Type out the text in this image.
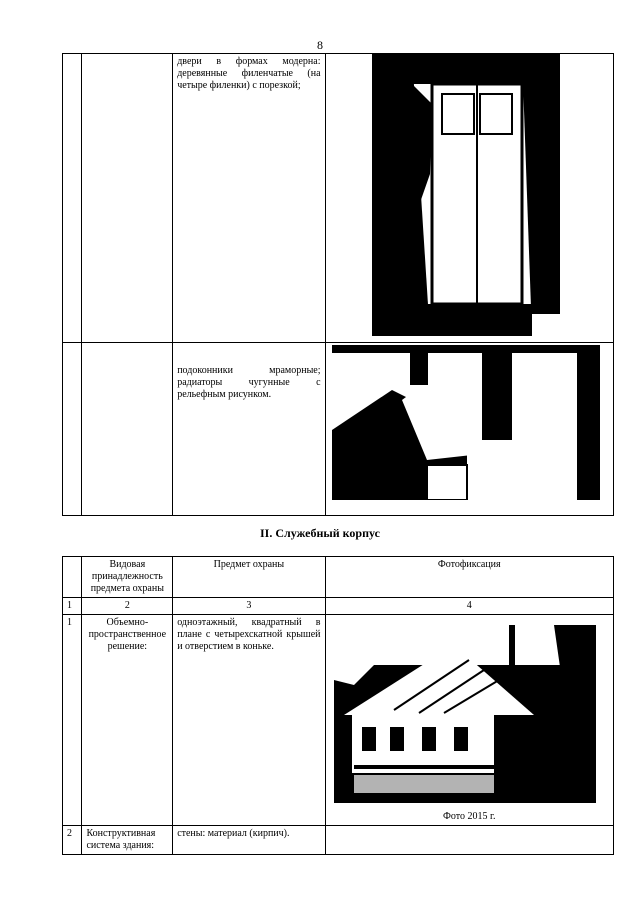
8
		двери в формах модерна: деревянные филенчатые (на четыре филенки) с порезкой;	

		подоконники мраморные; радиаторы чугунные с рельефным рисунком.	
II. Служебный корпус
	Видовая принадлежность предмета охраны	Предмет охраны	Фотофиксация
1	2	3	4
1	Объемно-пространственное решение:	одноэтажный, квадратный в плане с четырехскатной крышей и отверстием в коньке.	Фото 2015 г.

2	Конструктивная система здания:	стены: материал (кирпич).	
